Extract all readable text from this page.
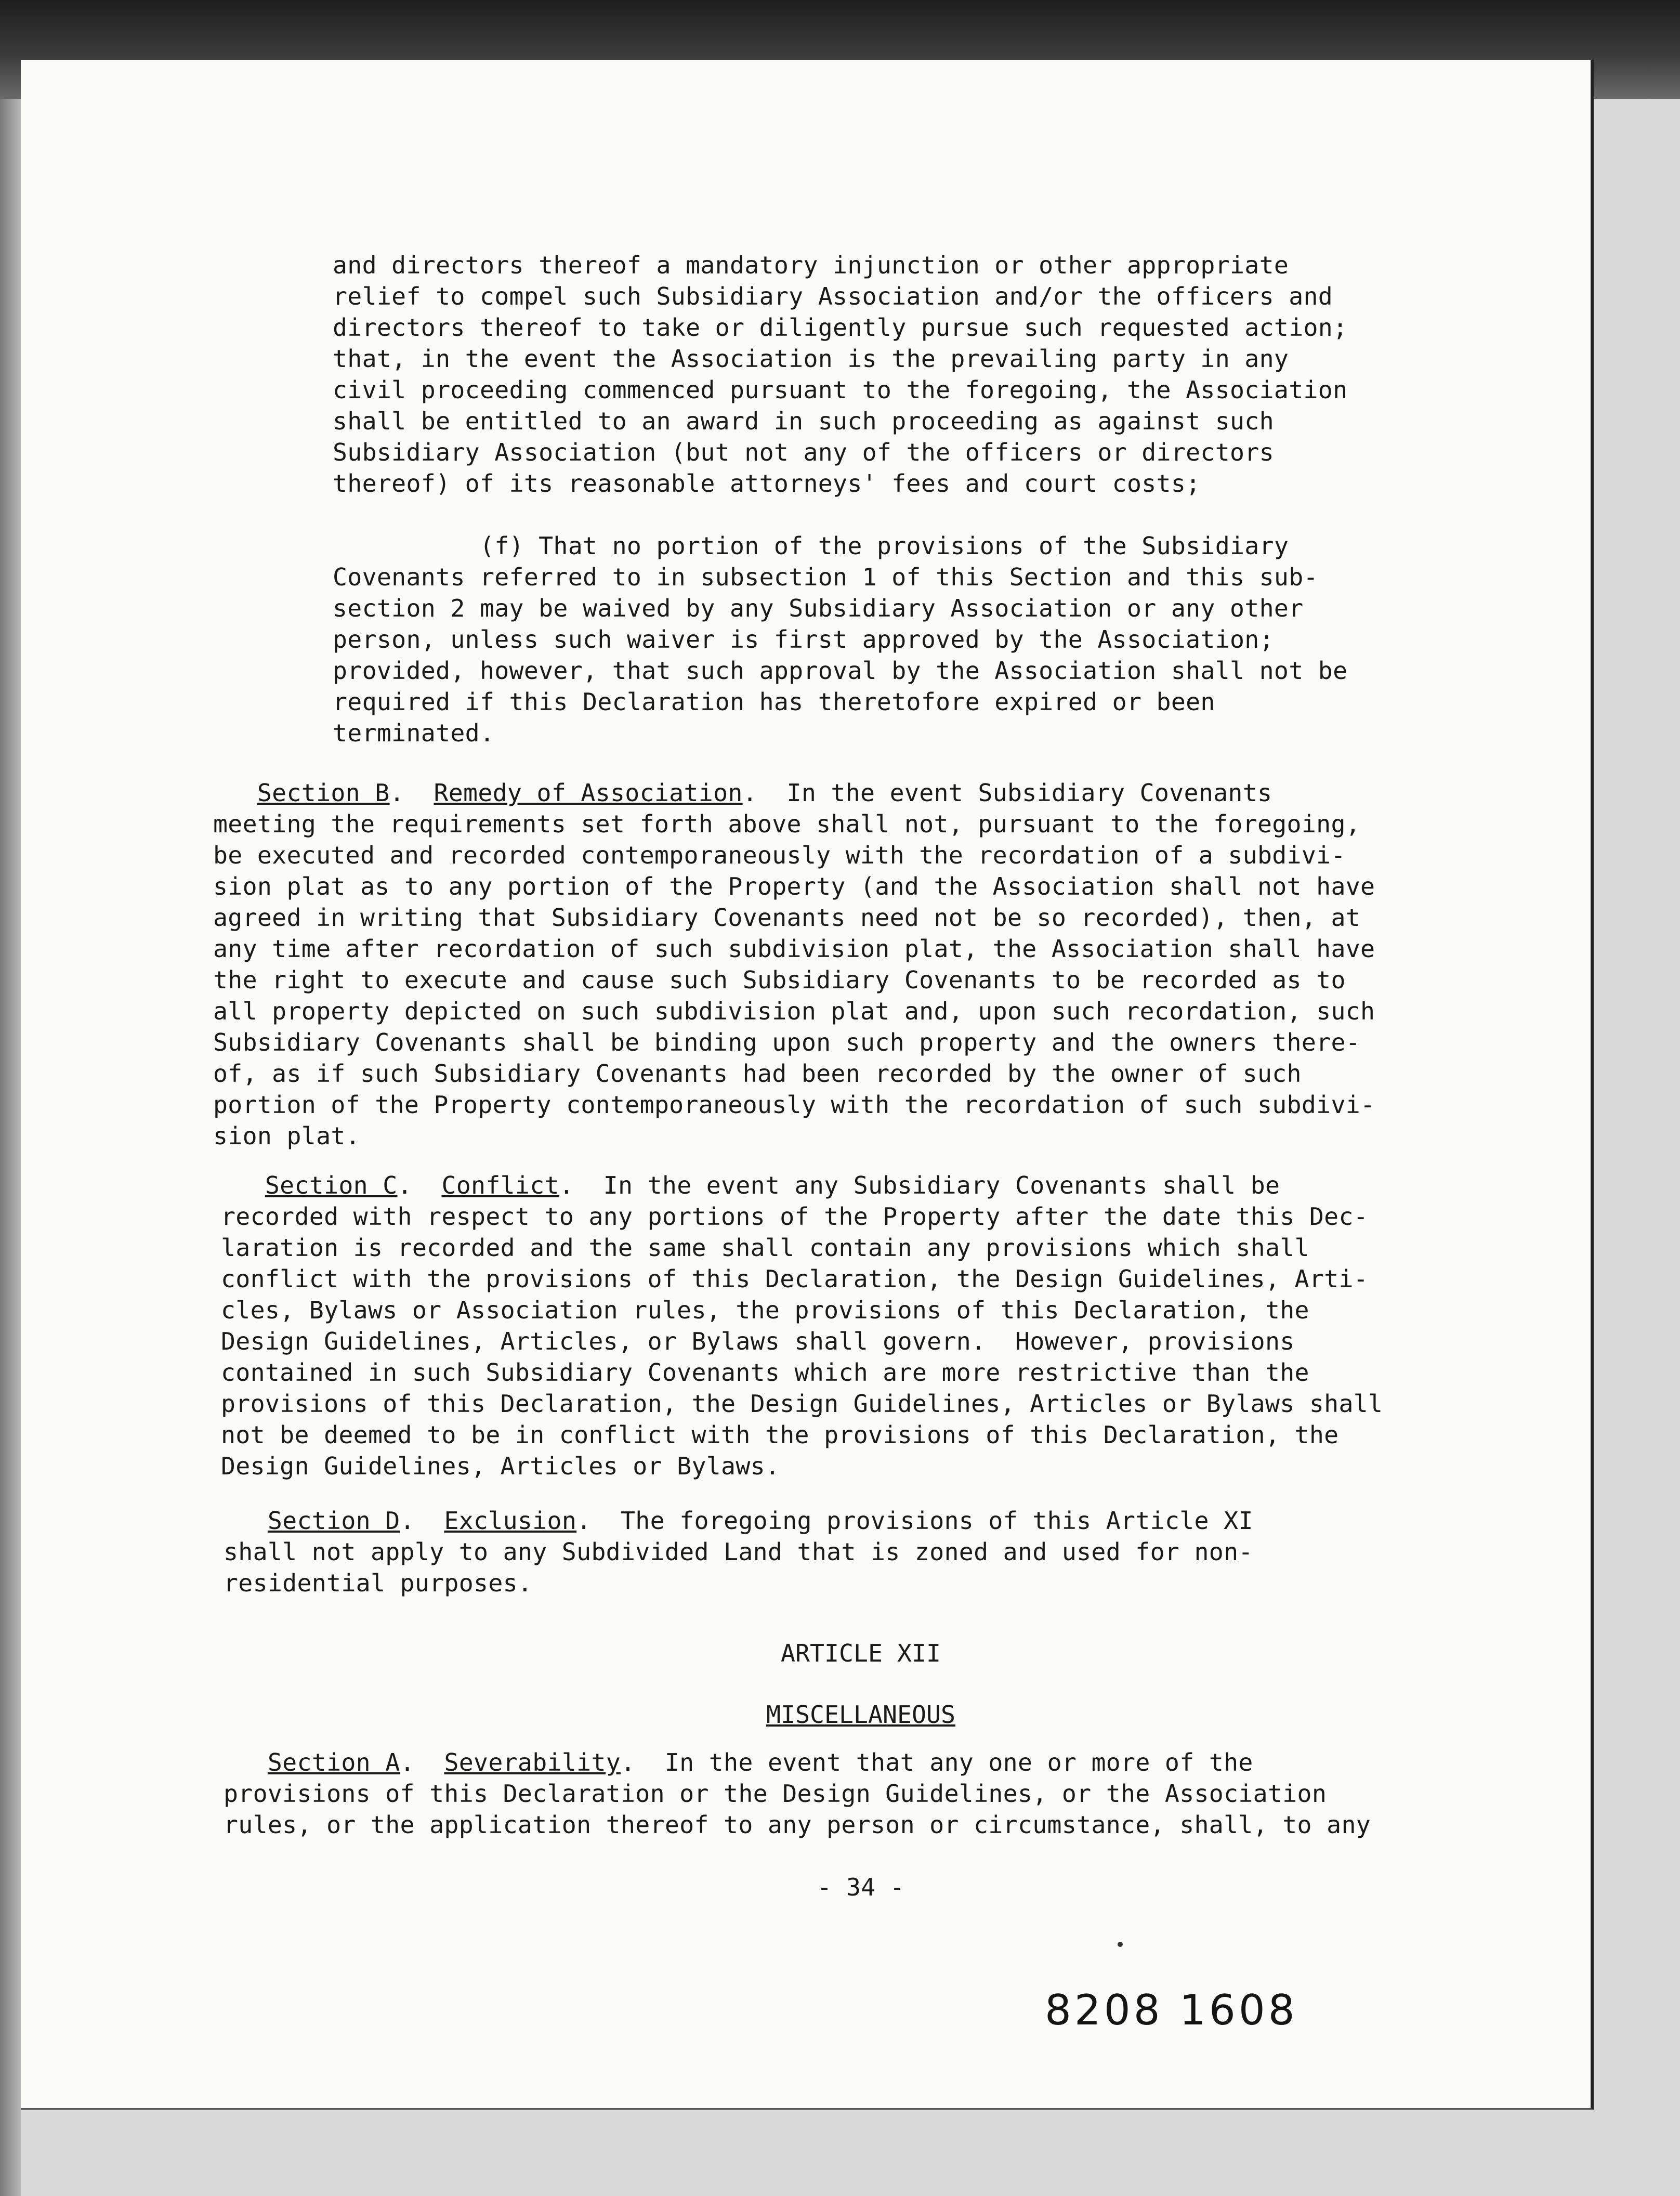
and directors thereof a mandatory injunction or other appropriate
relief to compel such Subsidiary Association and/or the officers and
directors thereof to take or diligently pursue such requested action;
that, in the event the Association is the prevailing party in any
civil proceeding commenced pursuant to the foregoing, the Association
shall be entitled to an award in such proceeding as against such
Subsidiary Association (but not any of the officers or directors
thereof) of its reasonable attorneys' fees and court costs;
(f) That no portion of the provisions of the Subsidiary
Covenants referred to in subsection 1 of this Section and this sub-
section 2 may be waived by any Subsidiary Association or any other
person, unless such waiver is first approved by the Association;
provided, however, that such approval by the Association shall not be
required if this Declaration has theretofore expired or been
terminated.
Section B.  Remedy of Association.  In the event Subsidiary Covenants
meeting the requirements set forth above shall not, pursuant to the foregoing,
be executed and recorded contemporaneously with the recordation of a subdivi-
sion plat as to any portion of the Property (and the Association shall not have
agreed in writing that Subsidiary Covenants need not be so recorded), then, at
any time after recordation of such subdivision plat, the Association shall have
the right to execute and cause such Subsidiary Covenants to be recorded as to
all property depicted on such subdivision plat and, upon such recordation, such
Subsidiary Covenants shall be binding upon such property and the owners there-
of, as if such Subsidiary Covenants had been recorded by the owner of such
portion of the Property contemporaneously with the recordation of such subdivi-
sion plat.
Section C.  Conflict.  In the event any Subsidiary Covenants shall be
recorded with respect to any portions of the Property after the date this Dec-
laration is recorded and the same shall contain any provisions which shall
conflict with the provisions of this Declaration, the Design Guidelines, Arti-
cles, Bylaws or Association rules, the provisions of this Declaration, the
Design Guidelines, Articles, or Bylaws shall govern.  However, provisions
contained in such Subsidiary Covenants which are more restrictive than the
provisions of this Declaration, the Design Guidelines, Articles or Bylaws shall
not be deemed to be in conflict with the provisions of this Declaration, the
Design Guidelines, Articles or Bylaws.
Section D.  Exclusion.  The foregoing provisions of this Article XI
shall not apply to any Subdivided Land that is zoned and used for non-
residential purposes.
ARTICLE XII
MISCELLANEOUS
Section A.  Severability.  In the event that any one or more of the
provisions of this Declaration or the Design Guidelines, or the Association
rules, or the application thereof to any person or circumstance, shall, to any
- 34 -
8208 1608
